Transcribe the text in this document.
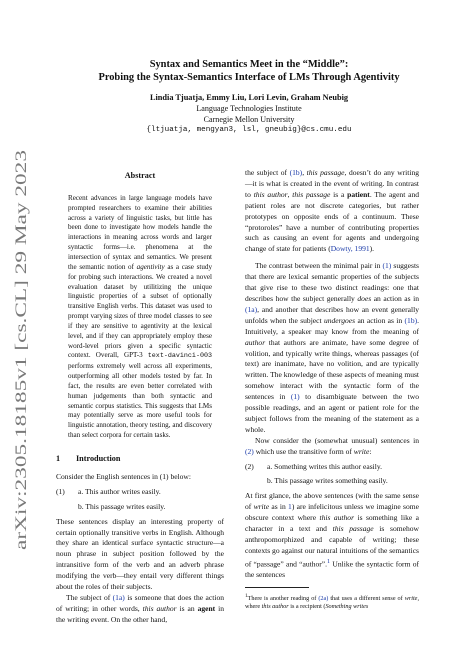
arXiv:2305.18185v1 [cs.CL] 29 May 2023
Syntax and Semantics Meet in the “Middle”:
Probing the Syntax-Semantics Interface of LMs Through Agentivity
Lindia Tjuatja, Emmy Liu, Lori Levin, Graham Neubig
Language Technologies Institute
Carnegie Mellon University
{ltjuatja, mengyan3, lsl, gneubig}@cs.cmu.edu
Abstract

Recent advances in large language models have prompted researchers to examine their abilities across a variety of linguistic tasks, but little has been done to investigate how models handle the interactions in meaning across words and larger syntactic forms—i.e. phenomena at the intersection of syntax and semantics. We present the semantic notion of agentivity as a case study for probing such interactions. We created a novel evaluation dataset by utilitizing the unique linguistic properties of a subset of optionally transitive English verbs. This dataset was used to prompt varying sizes of three model classes to see if they are sensitive to agentivity at the lexical level, and if they can appropriately employ these word-level priors given a specific syntactic context. Overall, GPT-3 text-davinci-003 performs extremely well across all experiments, outperforming all other models tested by far. In fact, the results are even better correlated with human judgements than both syntactic and semantic corpus statistics. This suggests that LMs may potentially serve as more useful tools for linguistic annotation, theory testing, and discovery than select corpora for certain tasks.

1 Introduction

Consider the English sentences in (1) below:

(1)	a. This author writes easily.
b. This passage writes easily.

These sentences display an interesting property of certain optionally transitive verbs in English. Although they share an identical surface syntactic structure—a noun phrase in subject position followed by the intransitive form of the verb and an adverb phrase modifying the verb—they entail very different things about the roles of their subjects.

The subject of (1a) is someone that does the action of writing; in other words, this author is an agent in the writing event. On the other hand,

the subject of (1b), this passage, doesn’t do any writing—it is what is created in the event of writing. In contrast to this author, this passage is a patient. The agent and patient roles are not discrete categories, but rather prototypes on opposite ends of a continuum. These “protoroles” have a number of contributing properties such as causing an event for agents and undergoing change of state for patients (Dowty, 1991).

The contrast between the minimal pair in (1) suggests that there are lexical semantic properties of the subjects that give rise to these two distinct readings: one that describes how the subject generally does an action as in (1a), and another that describes how an event generally unfolds when the subject undergoes an action as in (1b). Intuitively, a speaker may know from the meaning of author that authors are animate, have some degree of volition, and typically write things, whereas passages (of text) are inanimate, have no volition, and are typically written. The knowledge of these aspects of meaning must somehow interact with the syntactic form of the sentences in (1) to disambiguate between the two possible readings, and an agent or patient role for the subject follows from the meaning of the statement as a whole.

Now consider the (somewhat unusual) sentences in (2) which use the transitive form of write:

(2)	a. Something writes this author easily.
b. This passage writes something easily.

At first glance, the above sentences (with the same sense of write as in 1) are infelicitous unless we imagine some obscure context where this author is something like a character in a text and this passage is somehow anthropomorphized and capable of writing; these contexts go against our natural intuitions of the semantics of “passage” and “author”.$^1$ Unlike the syntactic form of the sentences

$^1$There is another reading of (2a) that uses a different sense of write, where this author is a recipient (Something writes
